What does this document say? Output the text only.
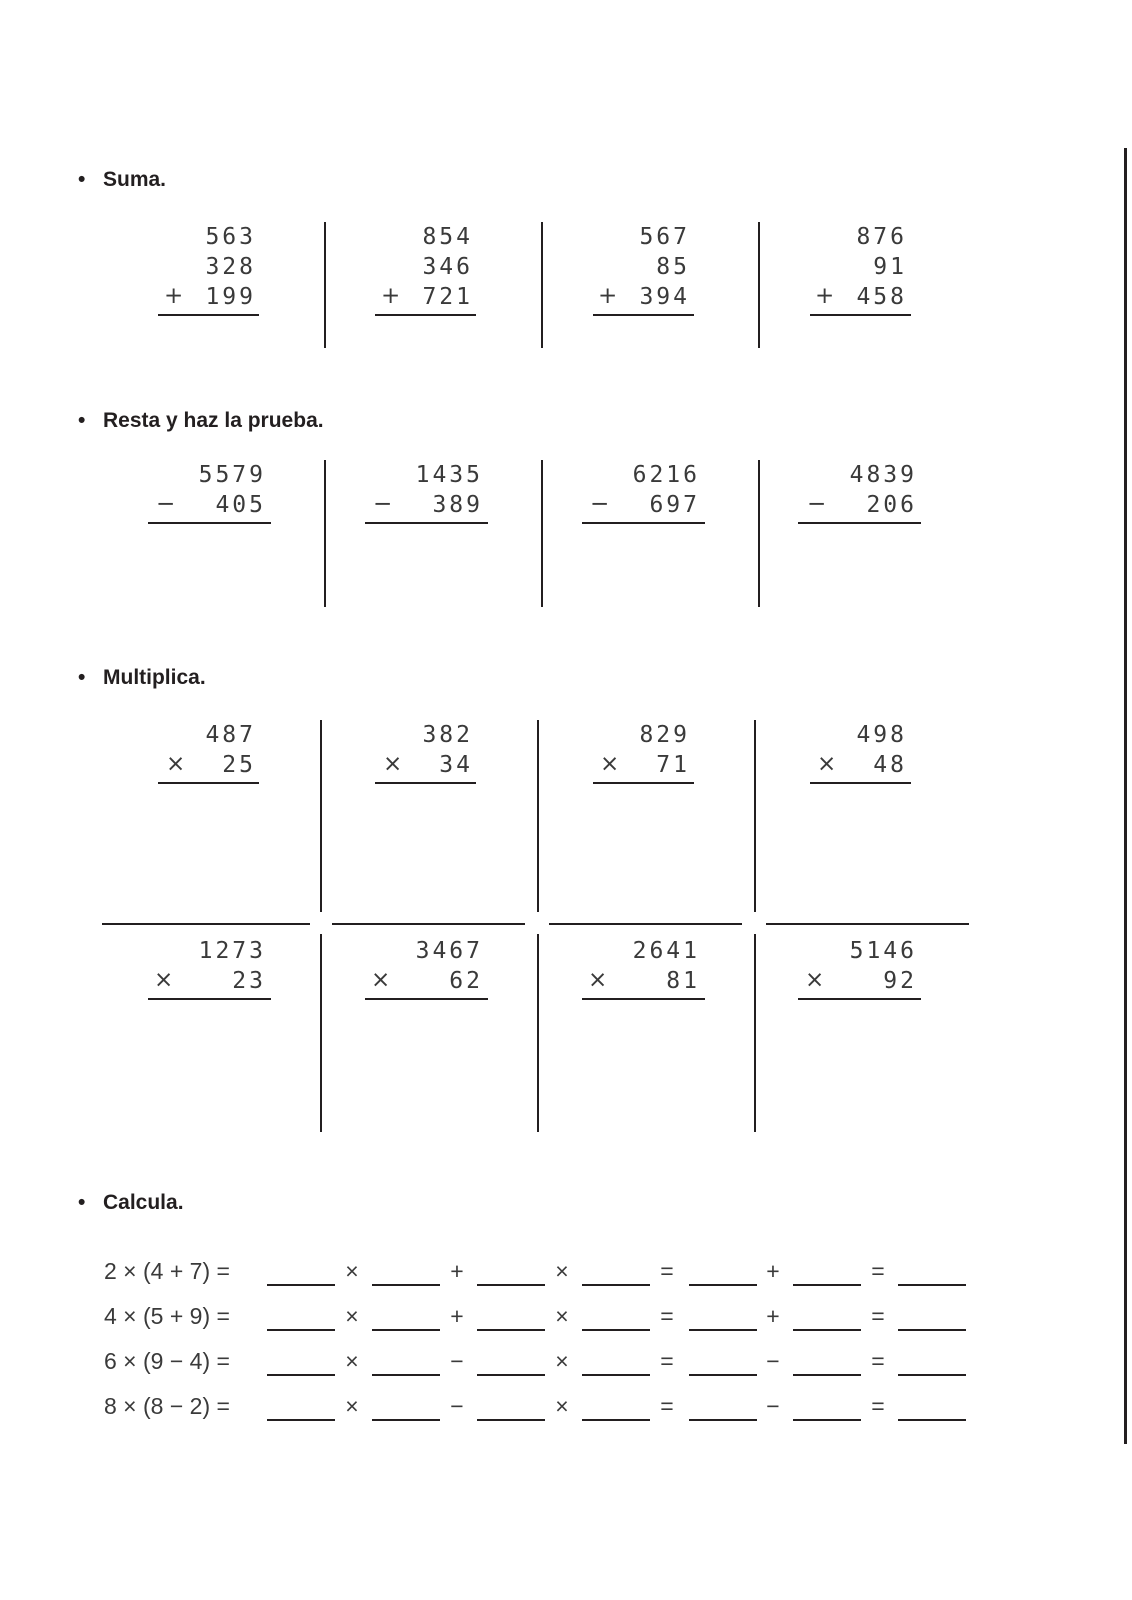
• Suma.
563
328
199
+
854
346
721
+
567
85
394
+
876
91
458
+
• Resta y haz la prueba.
5579
405
−
1435
389
−
6216
697
−
4839
206
−
• Multiplica.
487
25
×
382
34
×
829
71
×
498
48
×
1273
23
×
3467
62
×
2641
81
×
5146
92
×
• Calcula.
2 × (4 + 7) =	×	+	×	=	+	=
4 × (5 + 9) =	×	+	×	=	+	=
6 × (9 − 4) =	×	−	×	=	−	=
8 × (8 − 2) =	×	−	×	=	−	=
